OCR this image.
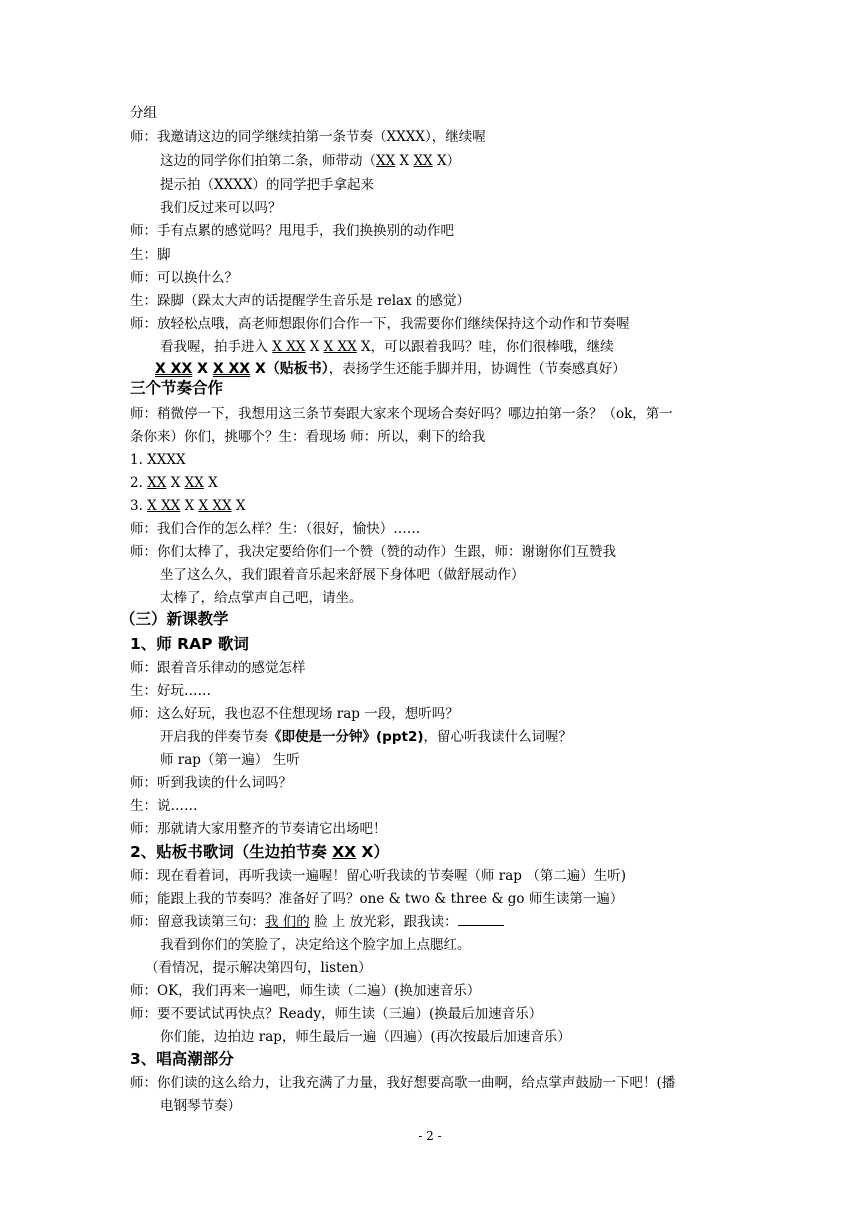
分组
师：我邀请这边的同学继续拍第一条节奏（XXXX），继续喔
这边的同学你们拍第二条，师带动（XX X XX X）
提示拍（XXXX）的同学把手拿起来
我们反过来可以吗？
师：手有点累的感觉吗？甩甩手，我们换换别的动作吧
生：脚
师：可以换什么？
生：跺脚（跺太大声的话提醒学生音乐是 relax 的感觉）
师：放轻松点哦，高老师想跟你们合作一下，我需要你们继续保持这个动作和节奏喔
看我喔，拍手进入 X XX X X XX X，可以跟着我吗？哇，你们很棒哦，继续
X XX X X XX X（贴板书），表扬学生还能手脚并用，协调性（节奏感真好）
三个节奏合作
师：稍微停一下，我想用这三条节奏跟大家来个现场合奏好吗？哪边拍第一条？（ok，第一
条你来）你们，挑哪个？生：看现场 师：所以，剩下的给我
1. XXXX
2. XX X XX X
3. X XX X X XX X
师：我们合作的怎么样？生：（很好，愉快）……
师：你们太棒了，我决定要给你们一个赞（赞的动作）生跟，师：谢谢你们互赞我
坐了这么久，我们跟着音乐起来舒展下身体吧（做舒展动作）
太棒了，给点掌声自己吧，请坐。
（三）新课教学
1、师 RAP 歌词
师：跟着音乐律动的感觉怎样
生：好玩……
师：这么好玩，我也忍不住想现场 rap 一段，想听吗？
开启我的伴奏节奏《即使是一分钟》(ppt2)，留心听我读什么词喔？
师 rap（第一遍） 生听
师：听到我读的什么词吗？
生：说……
师：那就请大家用整齐的节奏请它出场吧！
2、贴板书歌词（生边拍节奏 XX X）
师：现在看着词，再听我读一遍喔！留心听我读的节奏喔（师 rap （第二遍）生听)
师；能跟上我的节奏吗？准备好了吗？one & two & three & go 师生读第一遍）
师：留意我读第三句：我 们的 脸 上 放光彩，跟我读：
我看到你们的笑脸了，决定给这个脸字加上点腮红。
（看情况，提示解决第四句，listen）
师：OK，我们再来一遍吧，师生读（二遍）(换加速音乐）
师：要不要试试再快点？Ready，师生读（三遍）(换最后加速音乐）
你们能，边拍边 rap，师生最后一遍（四遍）(再次按最后加速音乐）
3、唱高潮部分
师：你们读的这么给力，让我充满了力量，我好想要高歌一曲啊，给点掌声鼓励一下吧！(播
电钢琴节奏）
- 2 -
